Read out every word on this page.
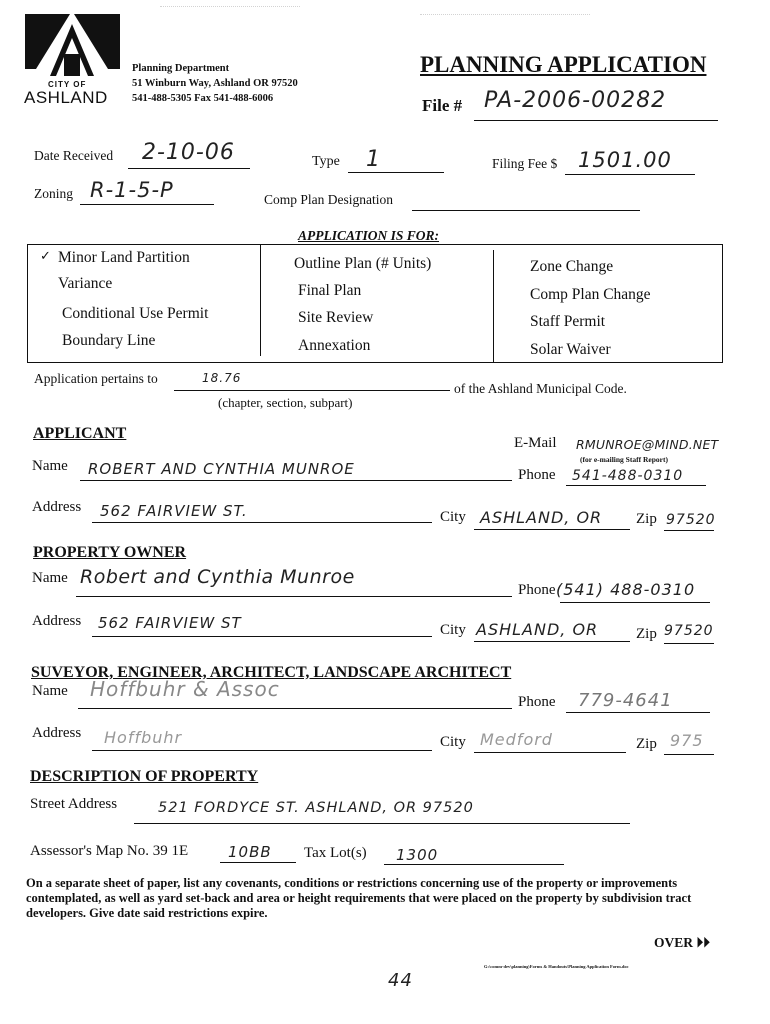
CITY OF
ASHLAND
Planning Department
51 Winburn Way, Ashland OR 97520
541-488-5305 Fax 541-488-6006
PLANNING APPLICATION
File # PA-2006-00282
Date Received 2-10-06	Type 1	Filing Fee $ 1501.00
Zoning R-1-5-P	Comp Plan Designation
APPLICATION IS FOR:
✓ Minor Land Partition
Variance
Conditional Use Permit
Boundary Line
Outline Plan (# Units)
Final Plan
Site Review
Annexation
Zone Change
Comp Plan Change
Staff Permit
Solar Waiver
Application pertains to	18.76
of the Ashland Municipal Code.
(chapter, section, subpart)
APPLICANT
E-Mail RMUNROE@MIND.NET
(for e-mailing Staff Report)
Name ROBERT AND CYNTHIA MUNROE	Phone 541-488-0310
Address 562 FAIRVIEW ST.	City ASHLAND, OR Zip 97520
PROPERTY OWNER
Name Robert and Cynthia Munroe
Phone (541) 488-0310
Address 562 FAIRVIEW ST	City ASHLAND, OR	Zip 97520
SUVEYOR, ENGINEER, ARCHITECT, LANDSCAPE ARCHITECT
Name Hoffbuhr & Assoc
Phone 779-4641
Address Hoffbuhr	City Medford	Zip 975
DESCRIPTION OF PROPERTY
Street Address	521 FORDYCE ST. ASHLAND, OR 97520
Assessor's Map No. 39 1E	10BB Tax Lot(s) 1300
On a separate sheet of paper, list any covenants, conditions or restrictions concerning use of the property or improvements contemplated, as well as yard set-back and area or height requirements that were placed on the property by subdivision tract developers. Give date said restrictions expire.
OVER ⏵⏵
44
G:\comm-dev\planning\Forms & Handouts\Planning Application Form.doc
